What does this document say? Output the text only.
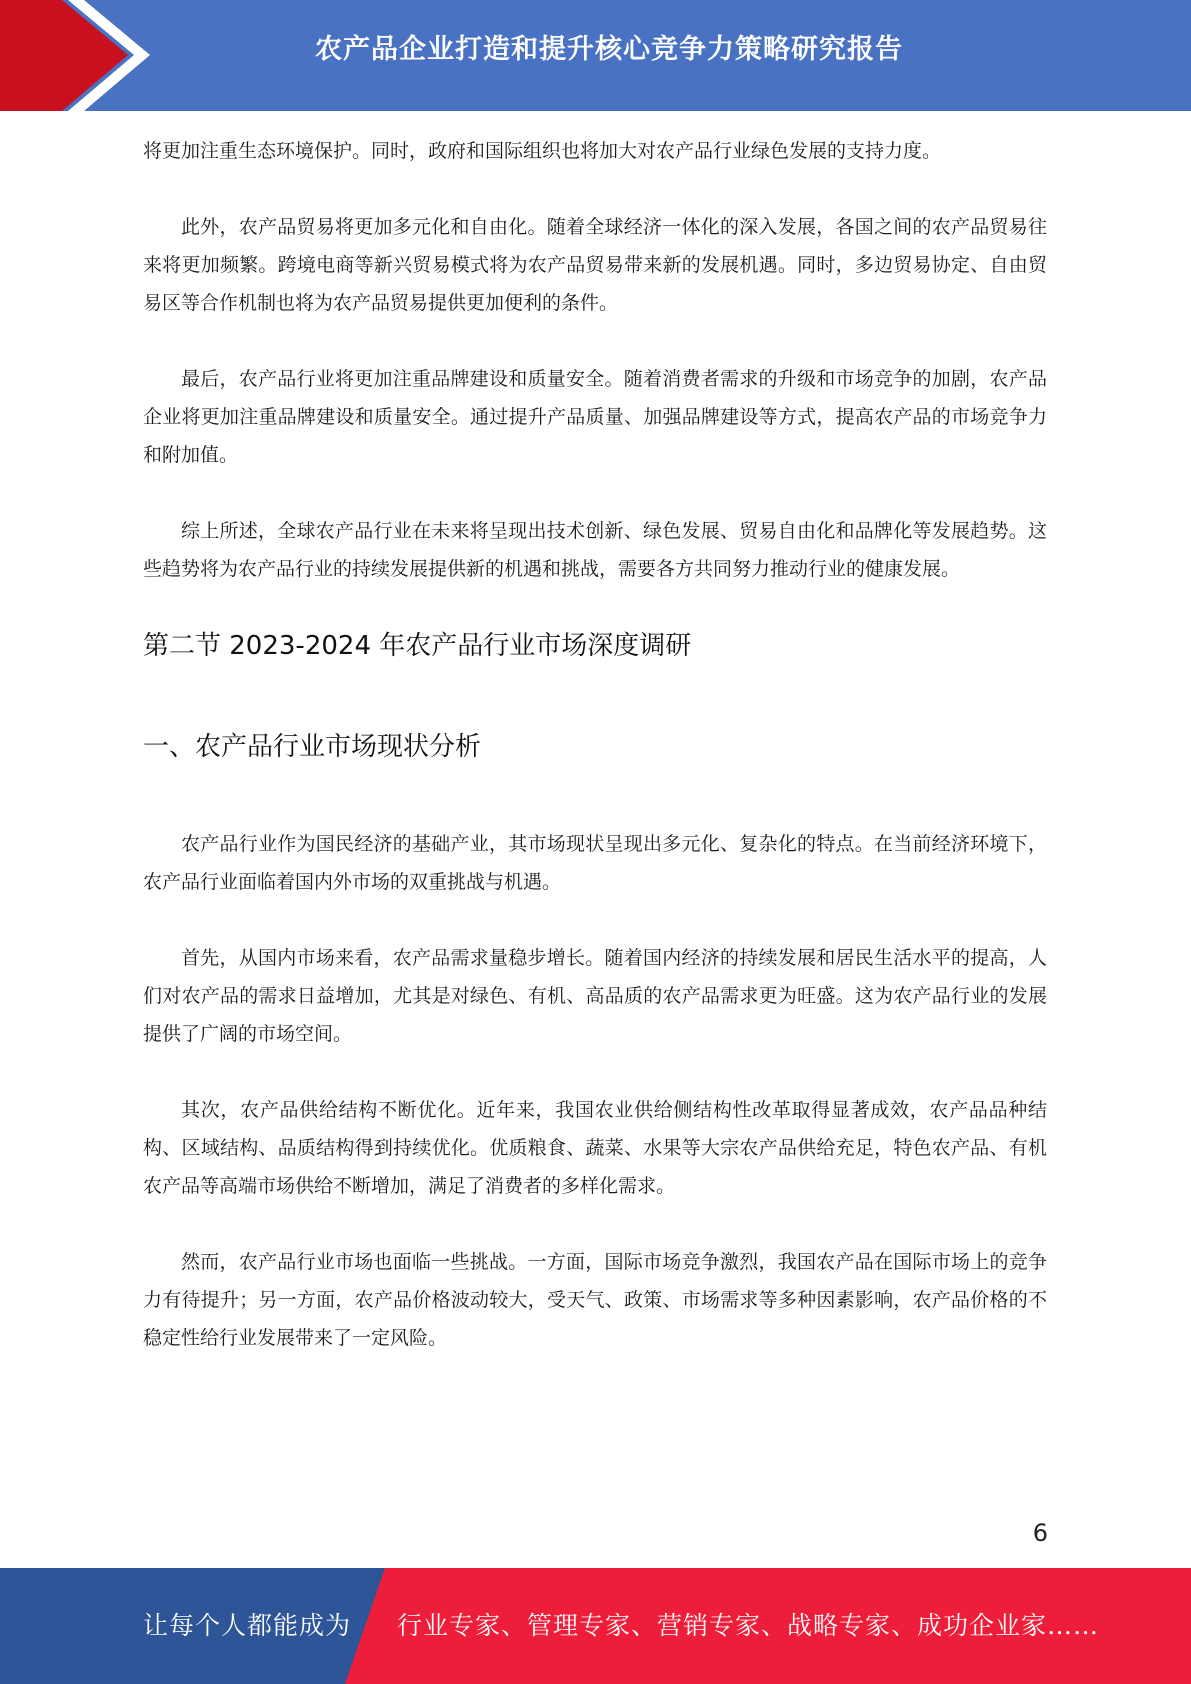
农产品企业打造和提升核心竞争力策略研究报告

将更加注重生态环境保护。同时，政府和国际组织也将加大对农产品行业绿色发展的支持力度。

此外，农产品贸易将更加多元化和自由化。随着全球经济一体化的深入发展，各国之间的农产品贸易往来将更加频繁。跨境电商等新兴贸易模式将为农产品贸易带来新的发展机遇。同时，多边贸易协定、自由贸易区等合作机制也将为农产品贸易提供更加便利的条件。

最后，农产品行业将更加注重品牌建设和质量安全。随着消费者需求的升级和市场竞争的加剧，农产品企业将更加注重品牌建设和质量安全。通过提升产品质量、加强品牌建设等方式，提高农产品的市场竞争力和附加值。

综上所述，全球农产品行业在未来将呈现出技术创新、绿色发展、贸易自由化和品牌化等发展趋势。这些趋势将为农产品行业的持续发展提供新的机遇和挑战，需要各方共同努力推动行业的健康发展。

第二节 2023-2024 年农产品行业市场深度调研
一、农产品行业市场现状分析

农产品行业作为国民经济的基础产业，其市场现状呈现出多元化、复杂化的特点。在当前经济环境下，农产品行业面临着国内外市场的双重挑战与机遇。

首先，从国内市场来看，农产品需求量稳步增长。随着国内经济的持续发展和居民生活水平的提高，人们对农产品的需求日益增加，尤其是对绿色、有机、高品质的农产品需求更为旺盛。这为农产品行业的发展提供了广阔的市场空间。

其次，农产品供给结构不断优化。近年来，我国农业供给侧结构性改革取得显著成效，农产品品种结构、区域结构、品质结构得到持续优化。优质粮食、蔬菜、水果等大宗农产品供给充足，特色农产品、有机农产品等高端市场供给不断增加，满足了消费者的多样化需求。

然而，农产品行业市场也面临一些挑战。一方面，国际市场竞争激烈，我国农产品在国际市场上的竞争力有待提升；另一方面，农产品价格波动较大，受天气、政策、市场需求等多种因素影响，农产品价格的不稳定性给行业发展带来了一定风险。

6
让每个人都能成为 行业专家、管理专家、营销专家、战略专家、成功企业家……
